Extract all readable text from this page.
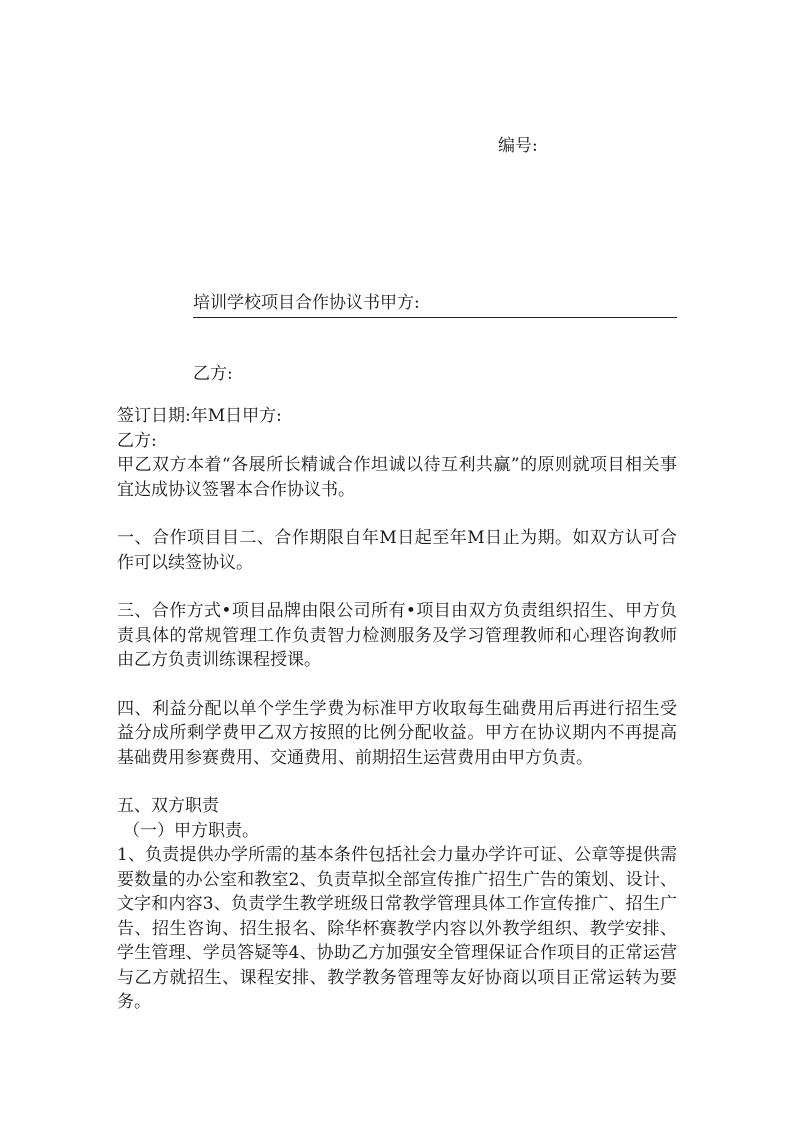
编号:
培训学校项目合作协议书甲方:
乙方:

签订日期:年M日甲方:

乙方:

甲乙双方本着“各展所长精诚合作坦诚以待互利共赢”的原则就项目相关事宜达成协议签署本合作协议书。

一、合作项目目二、合作期限自年M日起至年M日止为期。如双方认可合作可以续签协议。

三、合作方式•项目品牌由限公司所有•项目由双方负责组织招生、甲方负责具体的常规管理工作负责智力检测服务及学习管理教师和心理咨询教师由乙方负责训练课程授课。

四、利益分配以单个学生学费为标准甲方收取每生础费用后再进行招生受益分成所剩学费甲乙双方按照的比例分配收益。甲方在协议期内不再提高基础费用参赛费用、交通费用、前期招生运营费用由甲方负责。

五、双方职责

（一）甲方职责。

1、负责提供办学所需的基本条件包括社会力量办学许可证、公章等提供需要数量的办公室和教室2、负责草拟全部宣传推广招生广告的策划、设计、文字和内容3、负责学生教学班级日常教学管理具体工作宣传推广、招生广告、招生咨询、招生报名、除华杯赛教学内容以外教学组织、教学安排、学生管理、学员答疑等4、协助乙方加强安全管理保证合作项目的正常运营与乙方就招生、课程安排、教学教务管理等友好协商以项目正常运转为要务。
